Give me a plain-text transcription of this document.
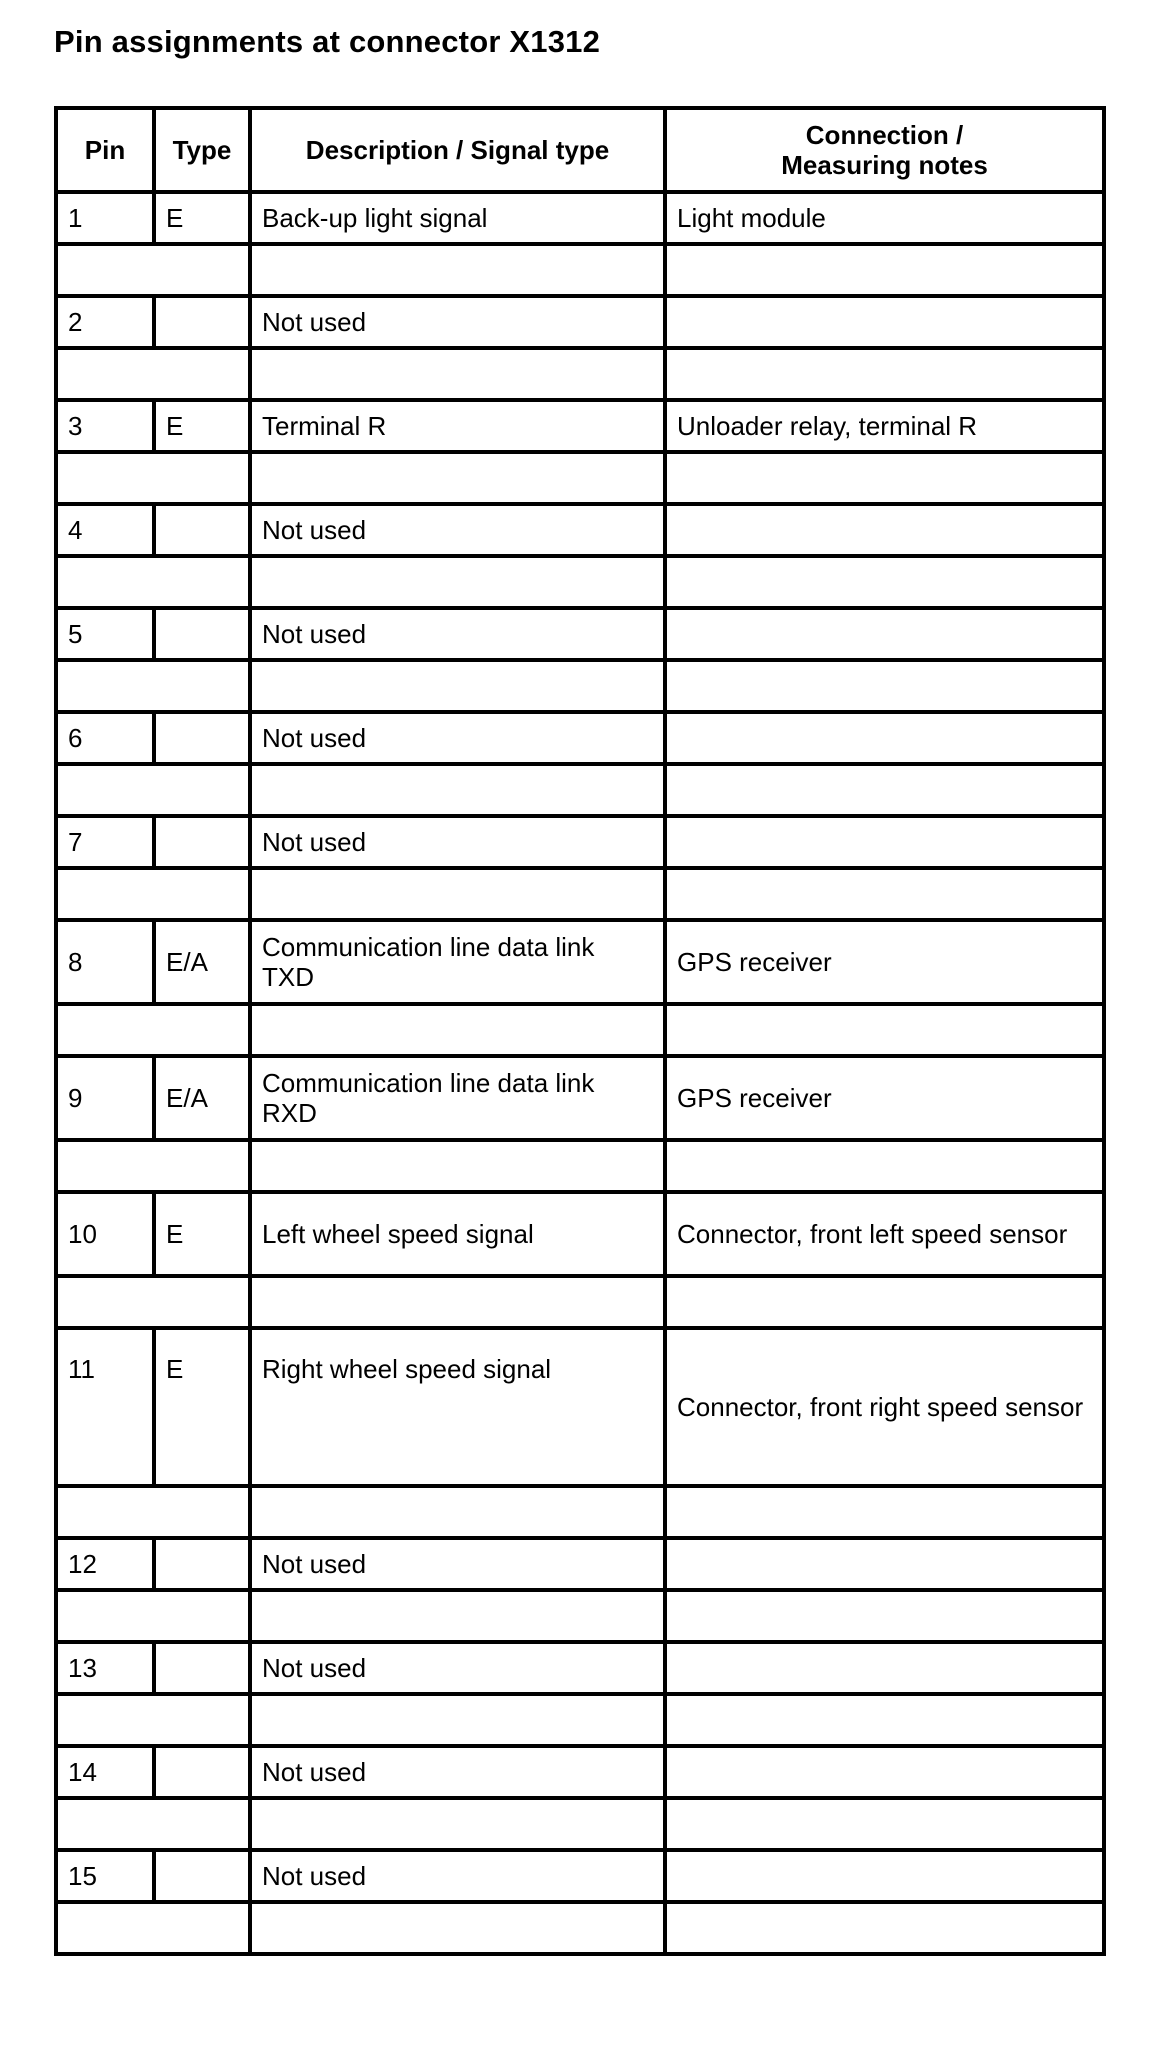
Pin assignments at connector X1312
Pin	Type	Description / Signal type	Connection /
Measuring notes

1	E	Back-up light signal	Light module

2		Not used	

3	E	Terminal R	Unloader relay, terminal R

4		Not used	

5		Not used	

6		Not used	

7		Not used	

8	E/A	Communication line data link TXD	GPS receiver

9	E/A	Communication line data link RXD	GPS receiver

10	E	Left wheel speed signal	Connector, front left speed sensor

11	E	Right wheel speed signal	Connector, front right speed sensor

12		Not used	

13		Not used	

14		Not used	

15		Not used	
